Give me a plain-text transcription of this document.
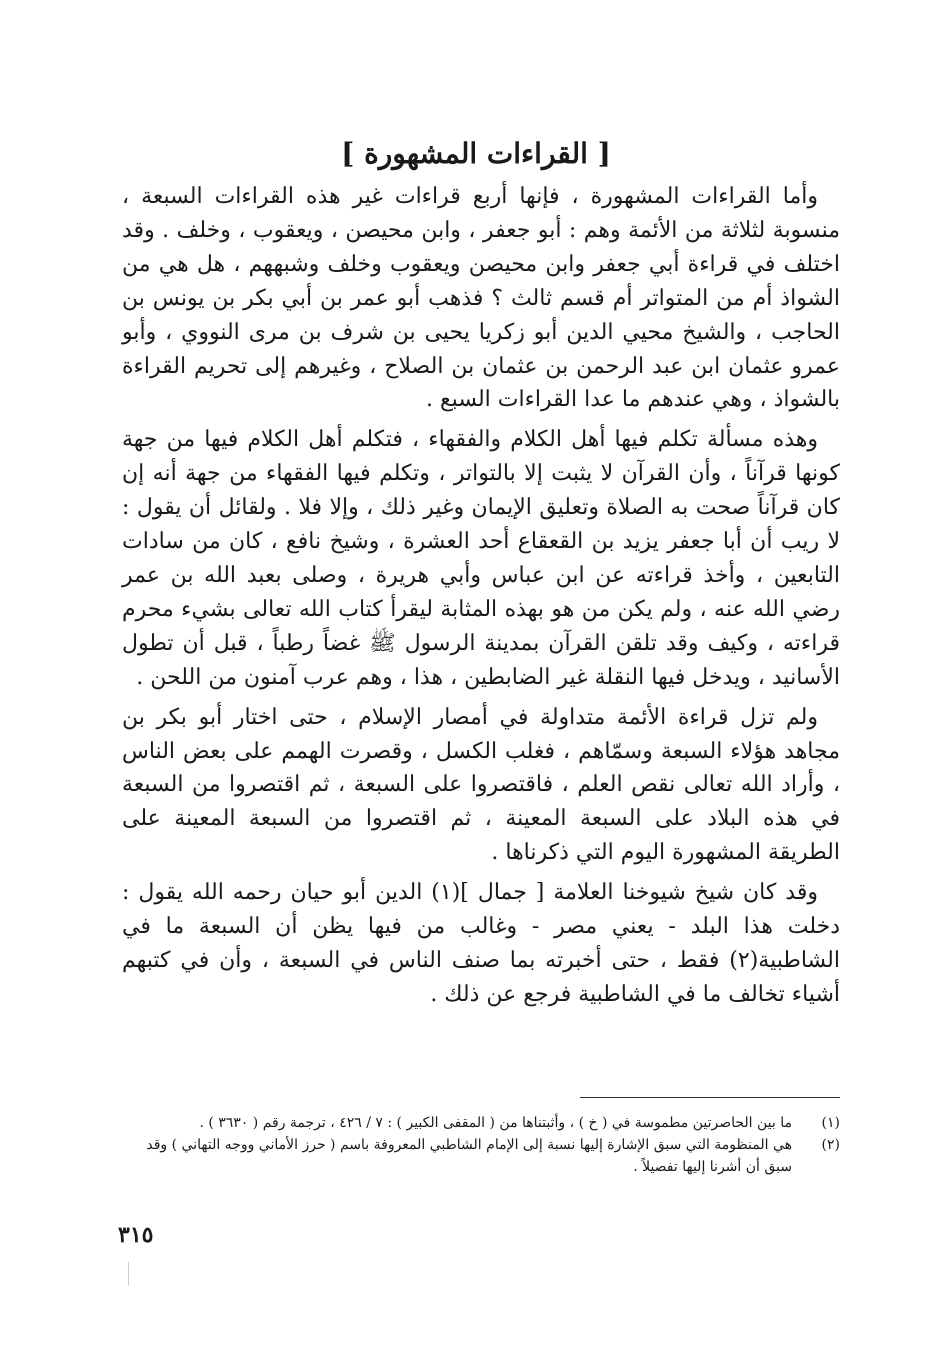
[ القراءات المشهورة ]

وأما القراءات المشهورة ، فإنها أربع قراءات غير هذه القراءات السبعة ، منسوبة لثلاثة من الأئمة وهم : أبو جعفر ، وابن محيصن ، ويعقوب ، وخلف . وقد اختلف في قراءة أبي جعفر وابن محيصن ويعقوب وخلف وشبههم ، هل هي من الشواذ أم من المتواتر أم قسم ثالث ؟ فذهب أبو عمر بن أبي بكر بن يونس بن الحاجب ، والشيخ محيي الدين أبو زكريا يحيى بن شرف بن مرى النووي ، وأبو عمرو عثمان ابن عبد الرحمن بن عثمان بن الصلاح ، وغيرهم إلى تحريم القراءة بالشواذ ، وهي عندهم ما عدا القراءات السبع .

وهذه مسألة تكلم فيها أهل الكلام والفقهاء ، فتكلم أهل الكلام فيها من جهة كونها قرآناً ، وأن القرآن لا يثبت إلا بالتواتر ، وتكلم فيها الفقهاء من جهة أنه إن كان قرآناً صحت به الصلاة وتعليق الإيمان وغير ذلك ، وإلا فلا . ولقائل أن يقول : لا ريب أن أبا جعفر يزيد بن القعقاع أحد العشرة ، وشيخ نافع ، كان من سادات التابعين ، وأخذ قراءته عن ابن عباس وأبي هريرة ، وصلى بعبد الله بن عمر رضي الله عنه ، ولم يكن من هو بهذه المثابة ليقرأ كتاب الله تعالى بشيء محرم قراءته ، وكيف وقد تلقن القرآن بمدينة الرسول ﷺ غضاً رطباً ، قبل أن تطول الأسانيد ، ويدخل فيها النقلة غير الضابطين ، هذا ، وهم عرب آمنون من اللحن .

ولم تزل قراءة الأئمة متداولة في أمصار الإسلام ، حتى اختار أبو بكر بن مجاهد هؤلاء السبعة وسمّاهم ، فغلب الكسل ، وقصرت الهمم على بعض الناس ، وأراد الله تعالى نقص العلم ، فاقتصروا على السبعة ، ثم اقتصروا من السبعة في هذه البلاد على السبعة المعينة ، ثم اقتصروا من السبعة المعينة على الطريقة المشهورة اليوم التي ذكرناها .

وقد كان شيخ شيوخنا العلامة [ جمال ](١) الدين أبو حيان رحمه الله يقول : دخلت هذا البلد - يعني مصر - وغالب من فيها يظن أن السبعة ما في الشاطبية(٢) فقط ، حتى أخبرته بما صنف الناس في السبعة ، وأن في كتبهم أشياء تخالف ما في الشاطبية فرجع عن ذلك .

(١)
ما بين الحاصرتين مطموسة في ( خ ) ، وأثبتناها من ( المقفى الكبير ) : ٧ / ٤٢٦ ، ترجمة رقم ( ٣٦٣٠ ) .
(٢)
هي المنظومة التي سبق الإشارة إليها نسبة إلى الإمام الشاطبي المعروفة باسم ( حرز الأماني ووجه التهاني ) وقد سبق أن أشرنا إليها تفصيلاً .
٣١٥
